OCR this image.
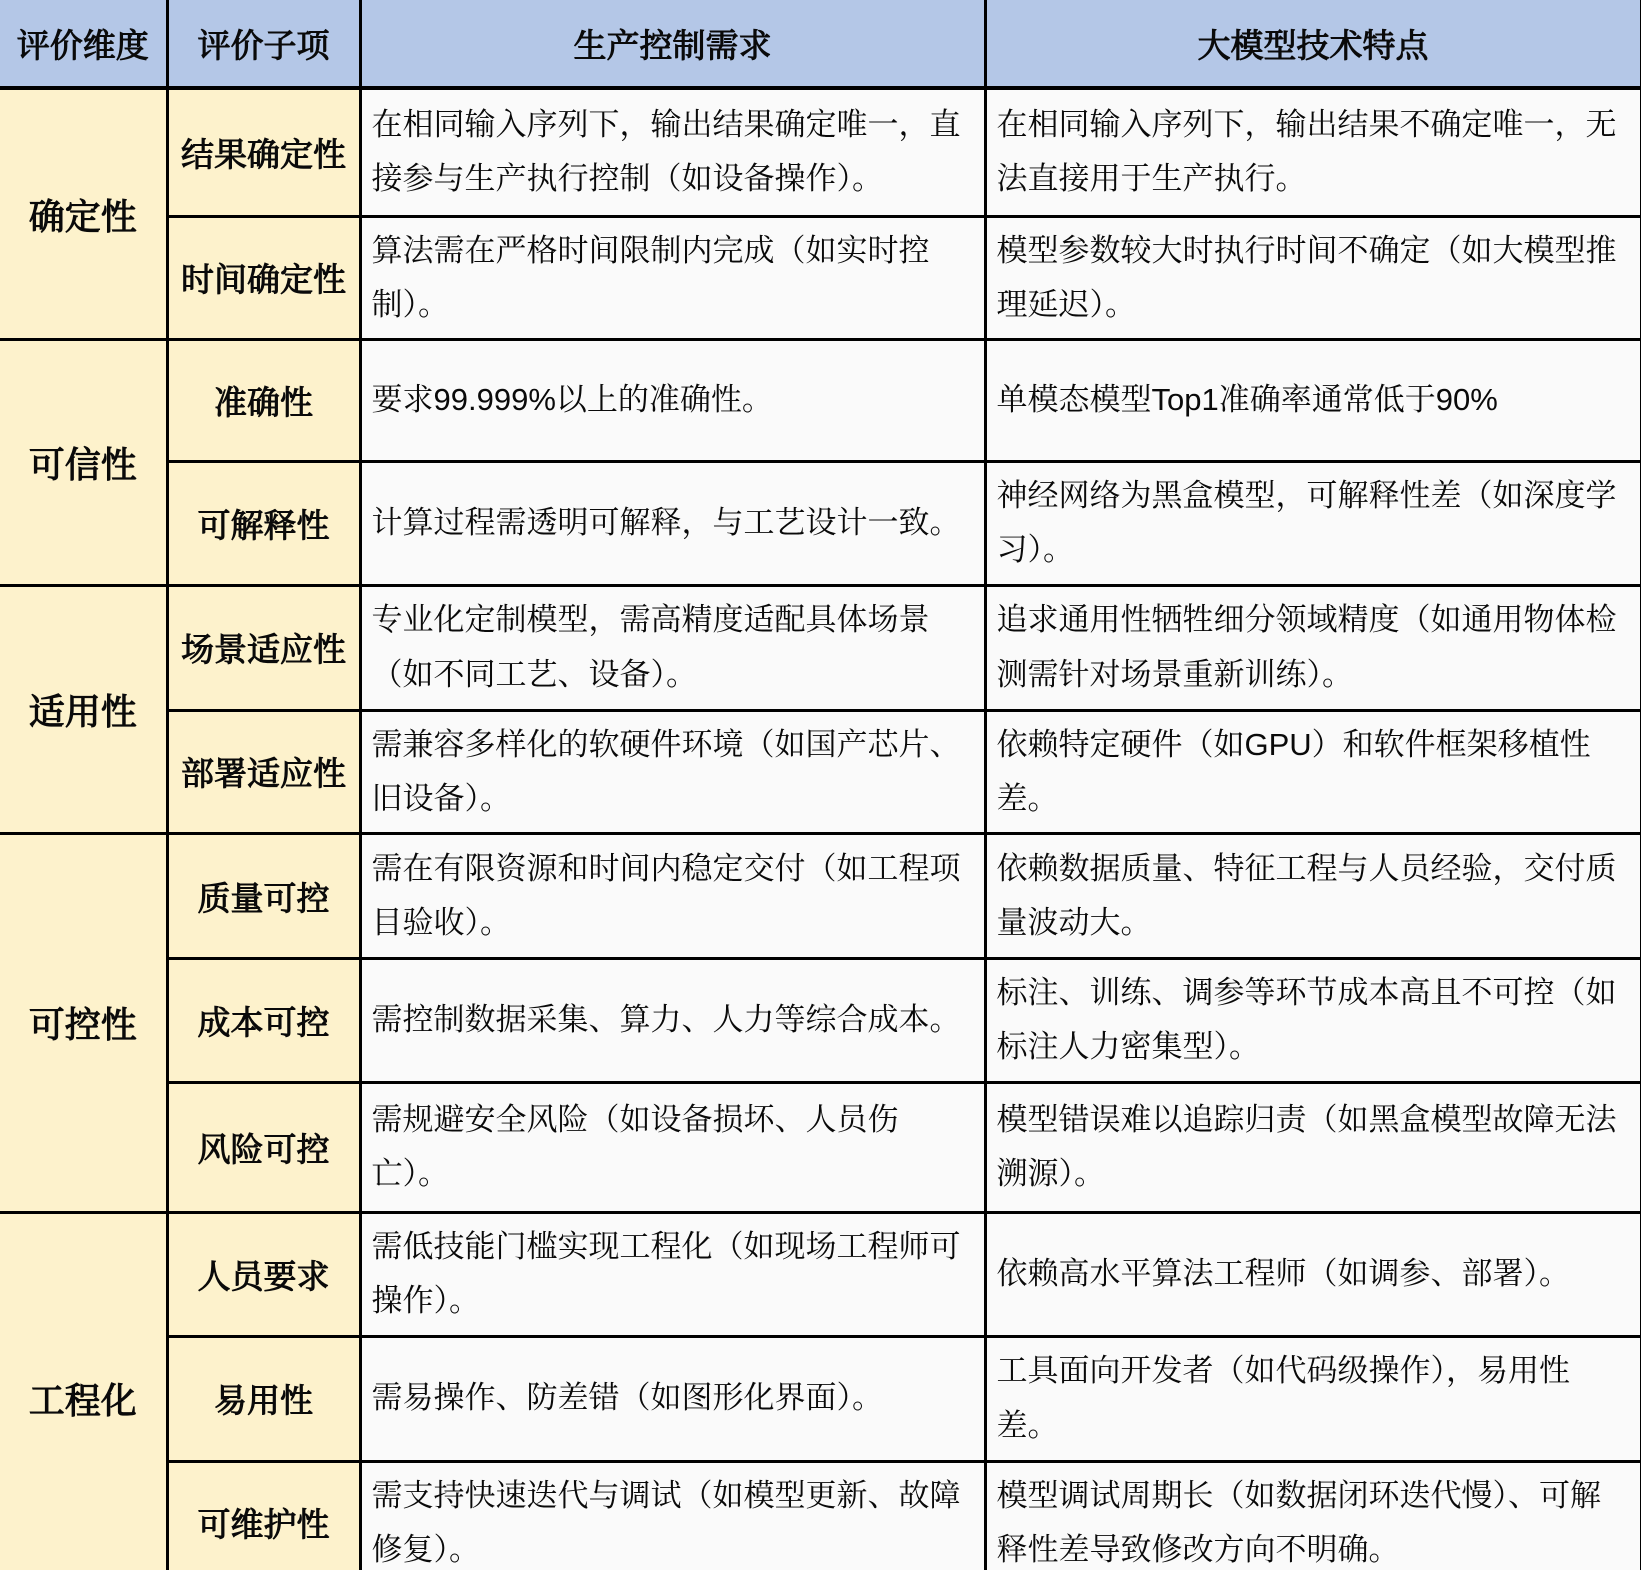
评价维度	评价子项	生产控制需求	大模型技术特点
确定性	结果确定性	在相同输入序列下，输出结果确定唯一，直接参与生产执行控制（如设备操作）。	在相同输入序列下，输出结果不确定唯一，无法直接用于生产执行。
	时间确定性	算法需在严格时间限制内完成（如实时控制）。	模型参数较大时执行时间不确定（如大模型推理延迟）。
可信性	准确性	要求99.999%以上的准确性。	单模态模型Top1准确率通常低于90%
	可解释性	计算过程需透明可解释，与工艺设计一致。	神经网络为黑盒模型，可解释性差（如深度学习）。
适用性	场景适应性	专业化定制模型，需高精度适配具体场景（如不同工艺、设备）。	追求通用性牺牲细分领域精度（如通用物体检测需针对场景重新训练）。
	部署适应性	需兼容多样化的软硬件环境（如国产芯片、旧设备）。	依赖特定硬件（如GPU）和软件框架移植性差。
可控性	质量可控	需在有限资源和时间内稳定交付（如工程项目验收）。	依赖数据质量、特征工程与人员经验，交付质量波动大。
	成本可控	需控制数据采集、算力、人力等综合成本。	标注、训练、调参等环节成本高且不可控（如标注人力密集型）。
	风险可控	需规避安全风险（如设备损坏、人员伤亡）。	模型错误难以追踪归责（如黑盒模型故障无法溯源）。
工程化	人员要求	需低技能门槛实现工程化（如现场工程师可操作）。	依赖高水平算法工程师（如调参、部署）。
	易用性	需易操作、防差错（如图形化界面）。	工具面向开发者（如代码级操作），易用性差。
	可维护性	需支持快速迭代与调试（如模型更新、故障修复）。	模型调试周期长（如数据闭环迭代慢）、可解释性差导致修改方向不明确。
